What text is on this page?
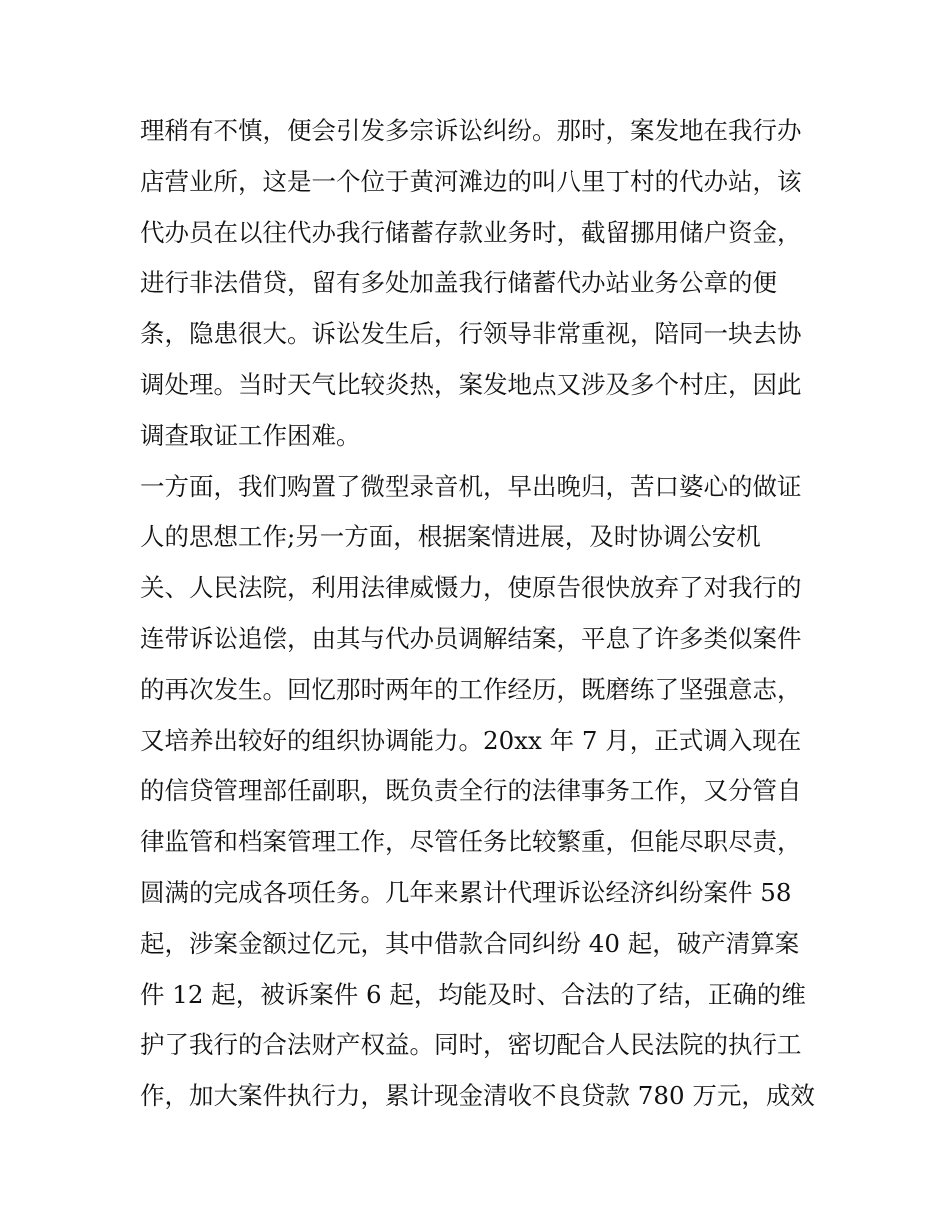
理稍有不慎，便会引发多宗诉讼纠纷。那时，案发地在我行办
店营业所，这是一个位于黄河滩边的叫八里丁村的代办站，该
代办员在以往代办我行储蓄存款业务时，截留挪用储户资金，
进行非法借贷，留有多处加盖我行储蓄代办站业务公章的便
条，隐患很大。诉讼发生后，行领导非常重视，陪同一块去协
调处理。当时天气比较炎热，案发地点又涉及多个村庄，因此
调查取证工作困难。
一方面，我们购置了微型录音机，早出晚归，苦口婆心的做证
人的思想工作;另一方面，根据案情进展，及时协调公安机
关、人民法院，利用法律威慑力，使原告很快放弃了对我行的
连带诉讼追偿，由其与代办员调解结案，平息了许多类似案件
的再次发生。回忆那时两年的工作经历，既磨练了坚强意志，
又培养出较好的组织协调能力。20xx 年 7 月，正式调入现在
的信贷管理部任副职，既负责全行的法律事务工作，又分管自
律监管和档案管理工作，尽管任务比较繁重，但能尽职尽责，
圆满的完成各项任务。几年来累计代理诉讼经济纠纷案件 58
起，涉案金额过亿元，其中借款合同纠纷 40 起，破产清算案
件 12 起，被诉案件 6 起，均能及时、合法的了结，正确的维
护了我行的合法财产权益。同时，密切配合人民法院的执行工
作，加大案件执行力，累计现金清收不良贷款 780 万元，成效
